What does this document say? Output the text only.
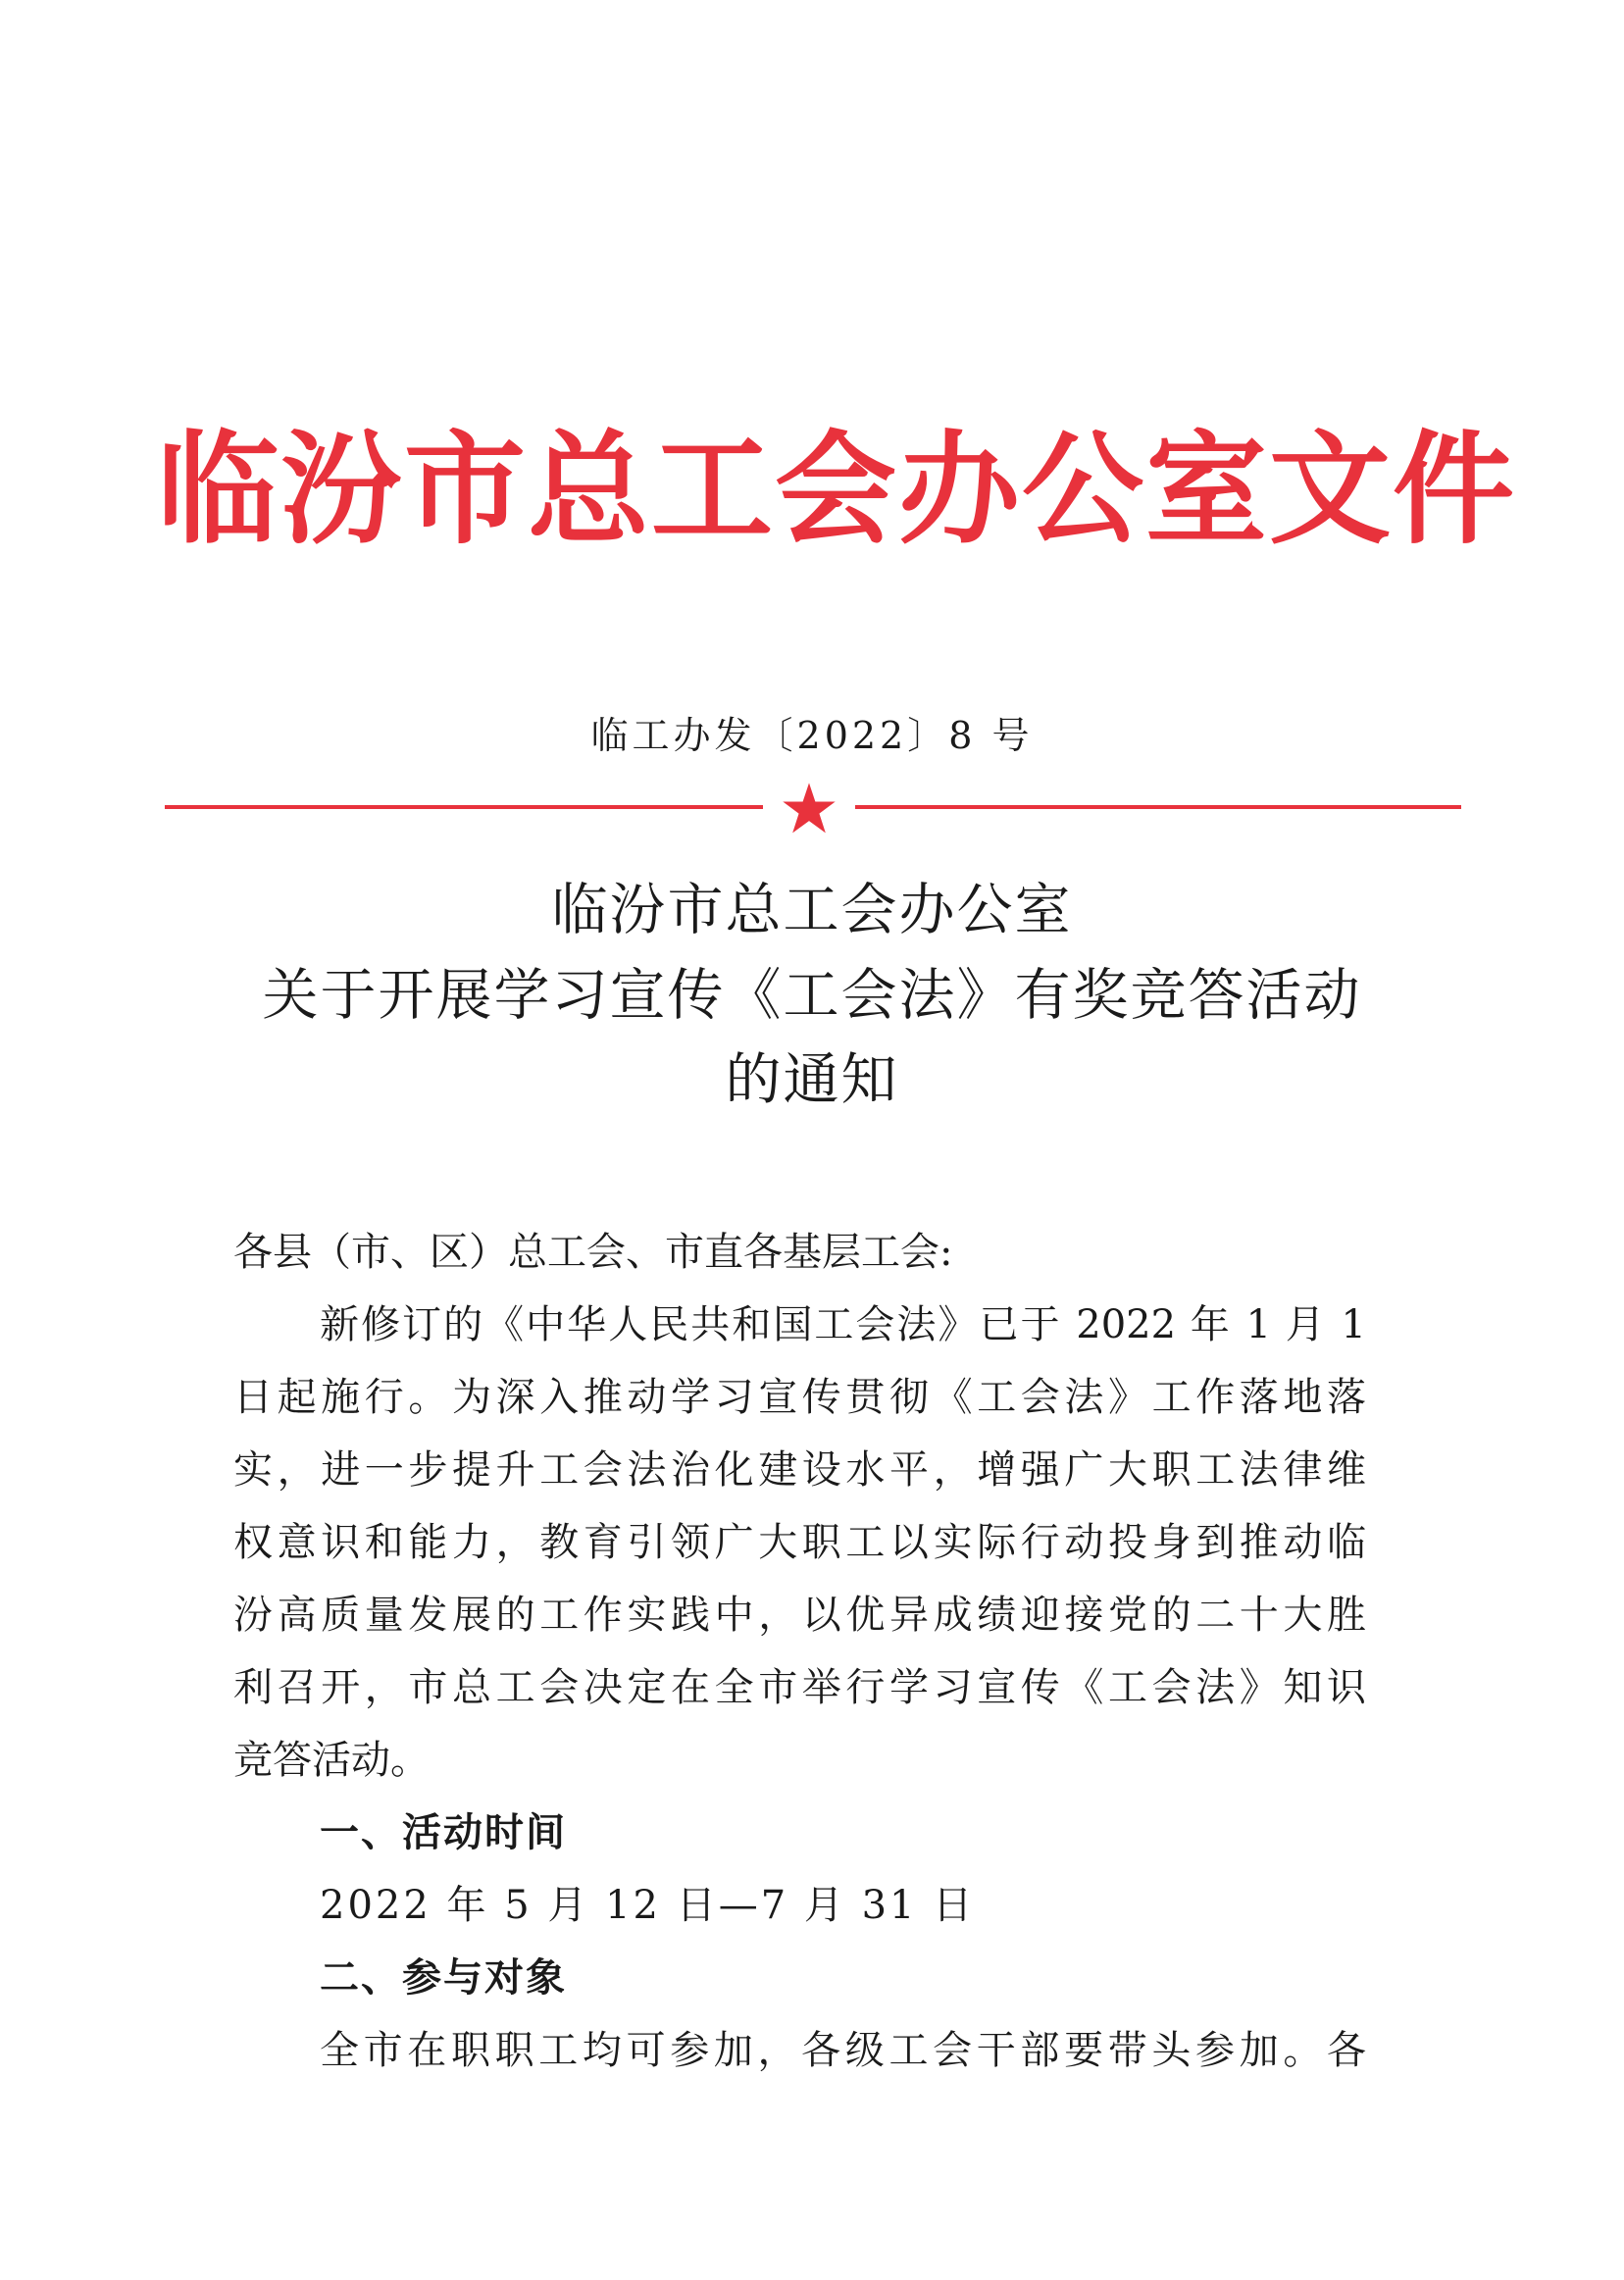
临汾市总工会办公室文件
临工办发〔2022〕8 号
临汾市总工会办公室
关于开展学习宣传《工会法》有奖竞答活动
的通知
各县（市、区）总工会、市直各基层工会:
新修订的《中华人民共和国工会法》已于 2022 年 1 月 1
日起施行。为深入推动学习宣传贯彻《工会法》工作落地落
实，进一步提升工会法治化建设水平，增强广大职工法律维
权意识和能力，教育引领广大职工以实际行动投身到推动临
汾高质量发展的工作实践中，以优异成绩迎接党的二十大胜
利召开，市总工会决定在全市举行学习宣传《工会法》知识
竞答活动。
一、活动时间
2022 年 5 月 12 日—7 月 31 日
二、参与对象
全市在职职工均可参加，各级工会干部要带头参加。各
